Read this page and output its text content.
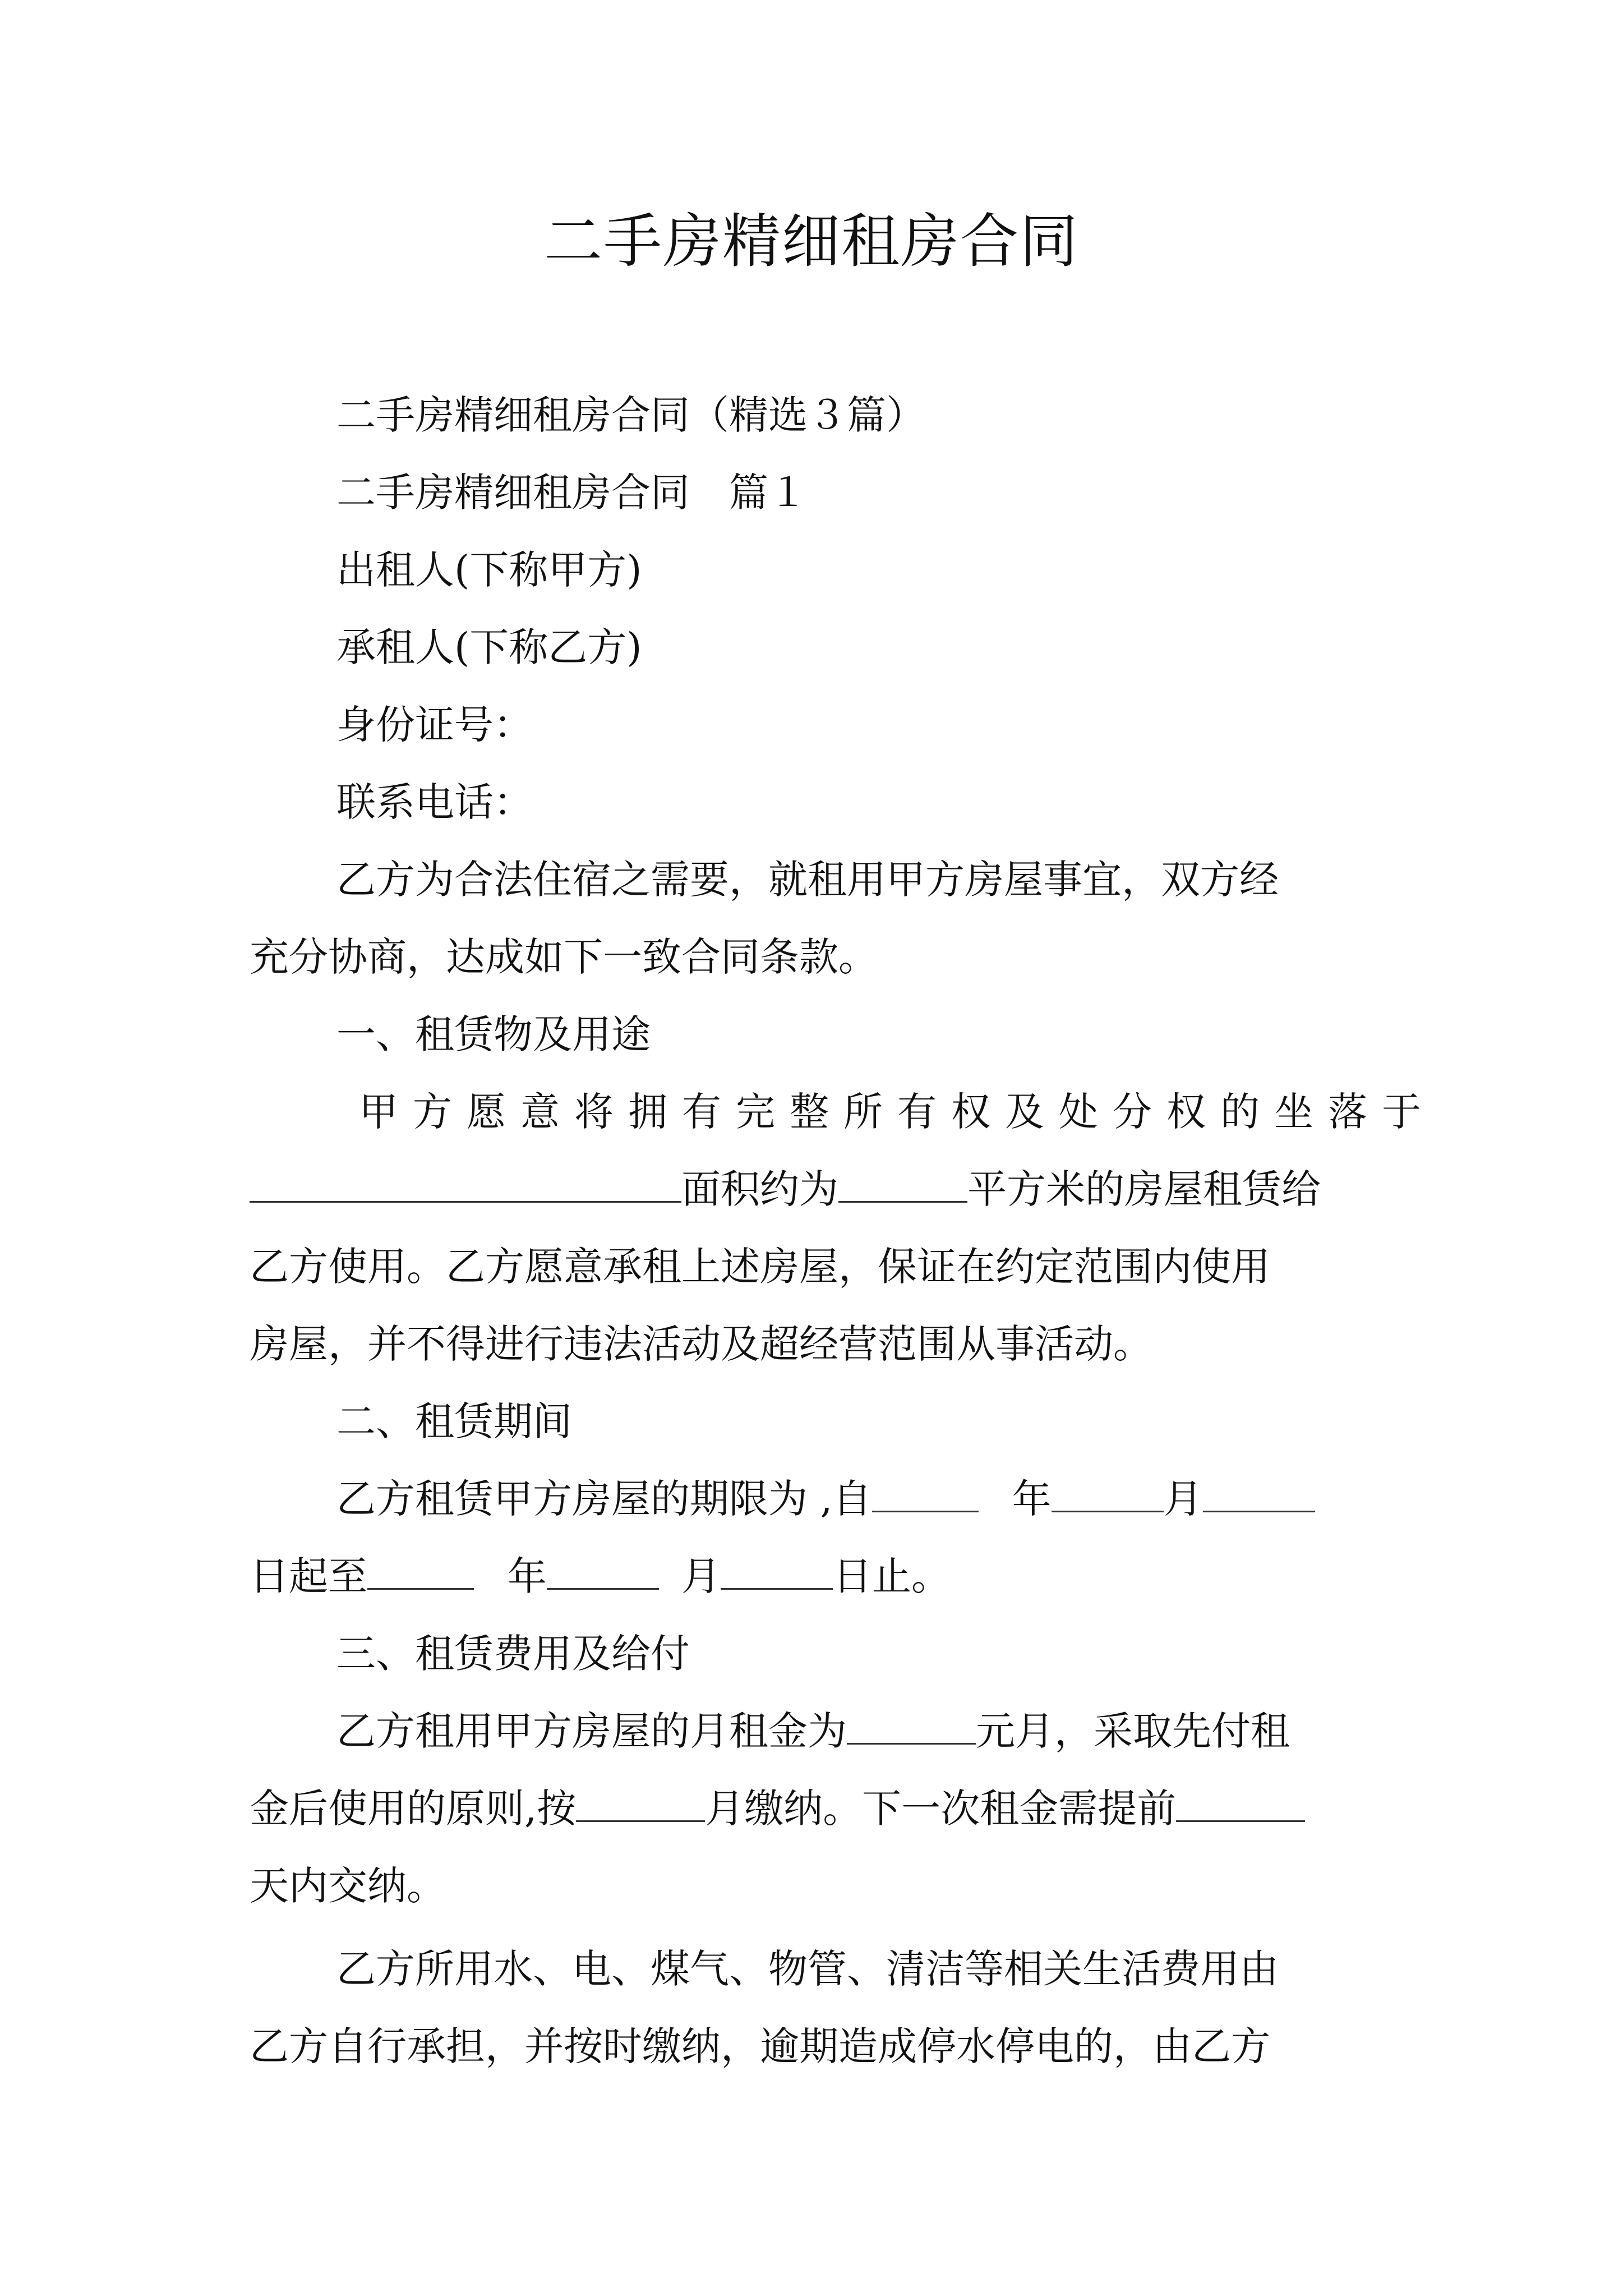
二手房精细租房合同

二手房精细租房合同（精选３篇）

二手房精细租房合同　篇１

出租人(下称甲方)

承租人(下称乙方)

身份证号：

联系电话：

乙方为合法住宿之需要，就租用甲方房屋事宜，双方经

充分协商，达成如下一致合同条款。

一、租赁物及用途

甲方愿意将拥有完整所有权及处分权的坐落于

面积约为	平方米的房屋租赁给

乙方使用。乙方愿意承租上述房屋，保证在约定范围内使用

房屋，并不得进行违法活动及超经营范围从事活动。

二、租赁期间

乙方租赁甲方房屋的期限为 ,自	年	月

日起至	年	月	日止。

三、租赁费用及给付

乙方租用甲方房屋的月租金为	元月，采取先付租

金后使用的原则,按	月缴纳。下一次租金需提前

天内交纳。

乙方所用水、电、煤气、物管、清洁等相关生活费用由

乙方自行承担，并按时缴纳，逾期造成停水停电的，由乙方
